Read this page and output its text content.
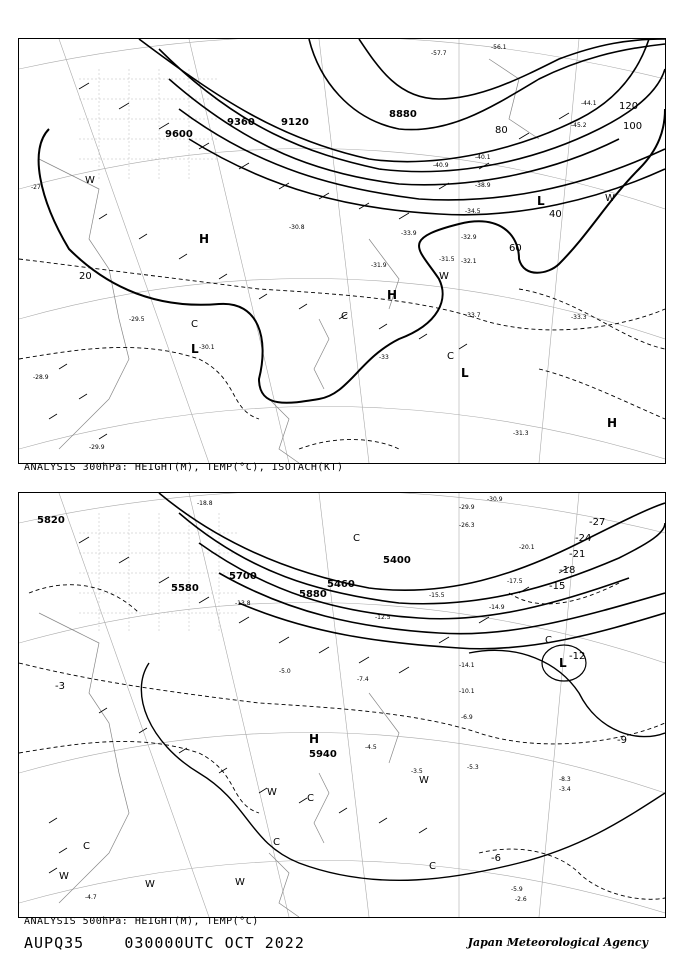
8880
9120
9360
9600
20
40
60
80	100
120
H
H
H
L
L
L
C
C
C
W
W
W
-56.1
-57.7
-45.2
-44.1
-40.9
-40.1
-38.9
-34.5
-33.9
-33.7	-33.3
-32.9
-32.1
-31.9
-31.5
-31.3
-30.8
-30.1
-29.5
-29.9
-28.9
-27
-33
ANALYSIS 300hPa: HEIGHT(M), TEMP(°C), ISOTACH(KT)
5400
5460
5580
5700
5820
5880
5940
-3
-6
-9
-12
-15
-18
-21
-24
-27
H
L
C
C
C
C
C
C
W
W	W
W
W
-30.9
-29.9
-26.3
-20.1
-18.8
-17.5
-15.5
-14.9
-14.1
-13.8
-12.5
-10.1
-8.3
-7.4
-6.9
-5.9
-5.3
-5.0
-4.7
-4.5
-3.5
-3.4
-2.6
ANALYSIS 500hPa: HEIGHT(M), TEMP(°C)
AUPQ35	030000UTC OCT 2022	Japan Meteorological Agency
